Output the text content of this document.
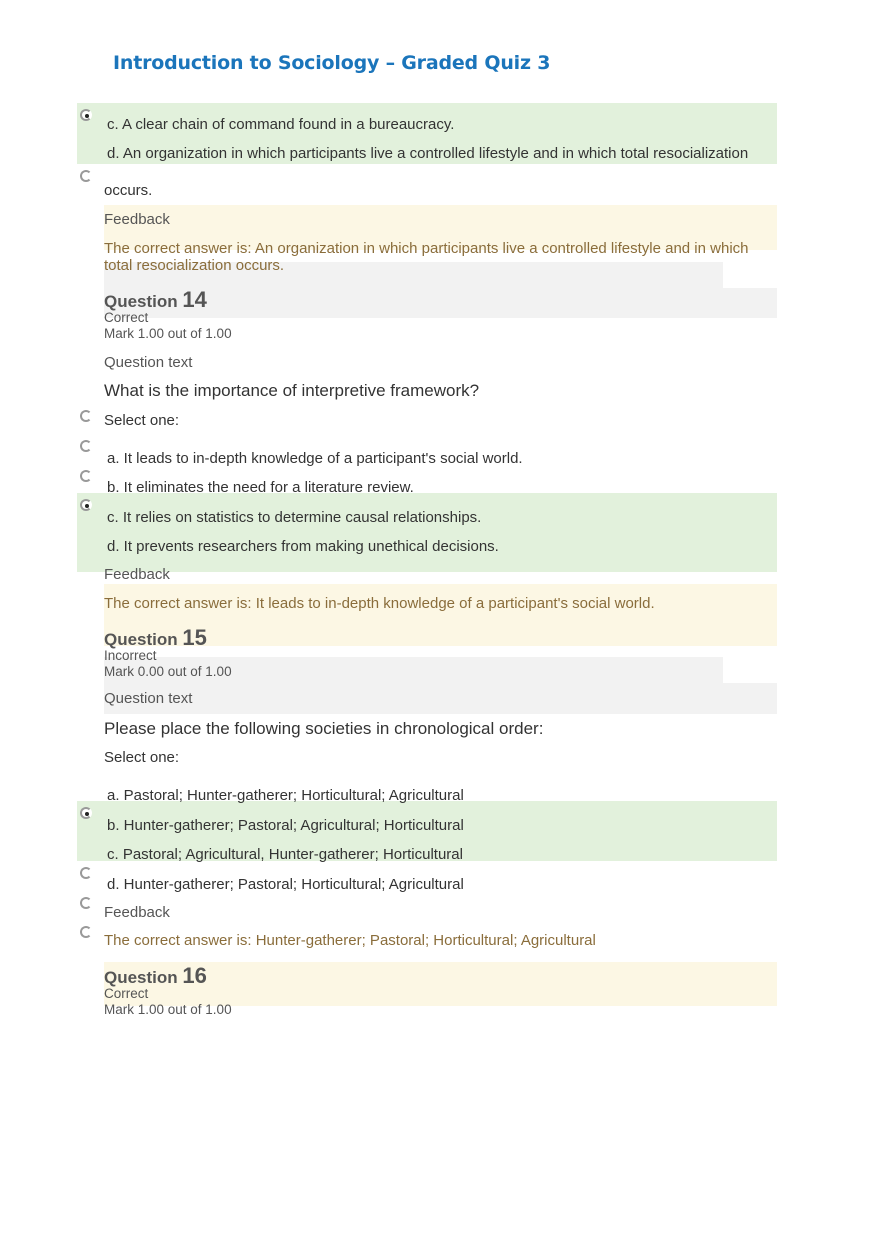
Introduction to Sociology – Graded Quiz 3
c. A clear chain of command found in a bureaucracy.
d. An organization in which participants live a controlled lifestyle and in which total resocialization
occurs.
Feedback
The correct answer is: An organization in which participants live a controlled lifestyle and in which
total resocialization occurs.
Question 14
Correct
Mark 1.00 out of 1.00
Question text
What is the importance of interpretive framework?
Select one:
a. It leads to in-depth knowledge of a participant's social world.
b. It eliminates the need for a literature review.
c. It relies on statistics to determine causal relationships.
d. It prevents researchers from making unethical decisions.
Feedback
The correct answer is: It leads to in-depth knowledge of a participant's social world.
Question 15
Incorrect
Mark 0.00 out of 1.00
Question text
Please place the following societies in chronological order:
Select one:
a. Pastoral; Hunter-gatherer; Horticultural; Agricultural
b. Hunter-gatherer; Pastoral; Agricultural; Horticultural
c. Pastoral; Agricultural, Hunter-gatherer; Horticultural
d. Hunter-gatherer; Pastoral; Horticultural; Agricultural
Feedback
The correct answer is: Hunter-gatherer; Pastoral; Horticultural; Agricultural
Question 16
Correct
Mark 1.00 out of 1.00
